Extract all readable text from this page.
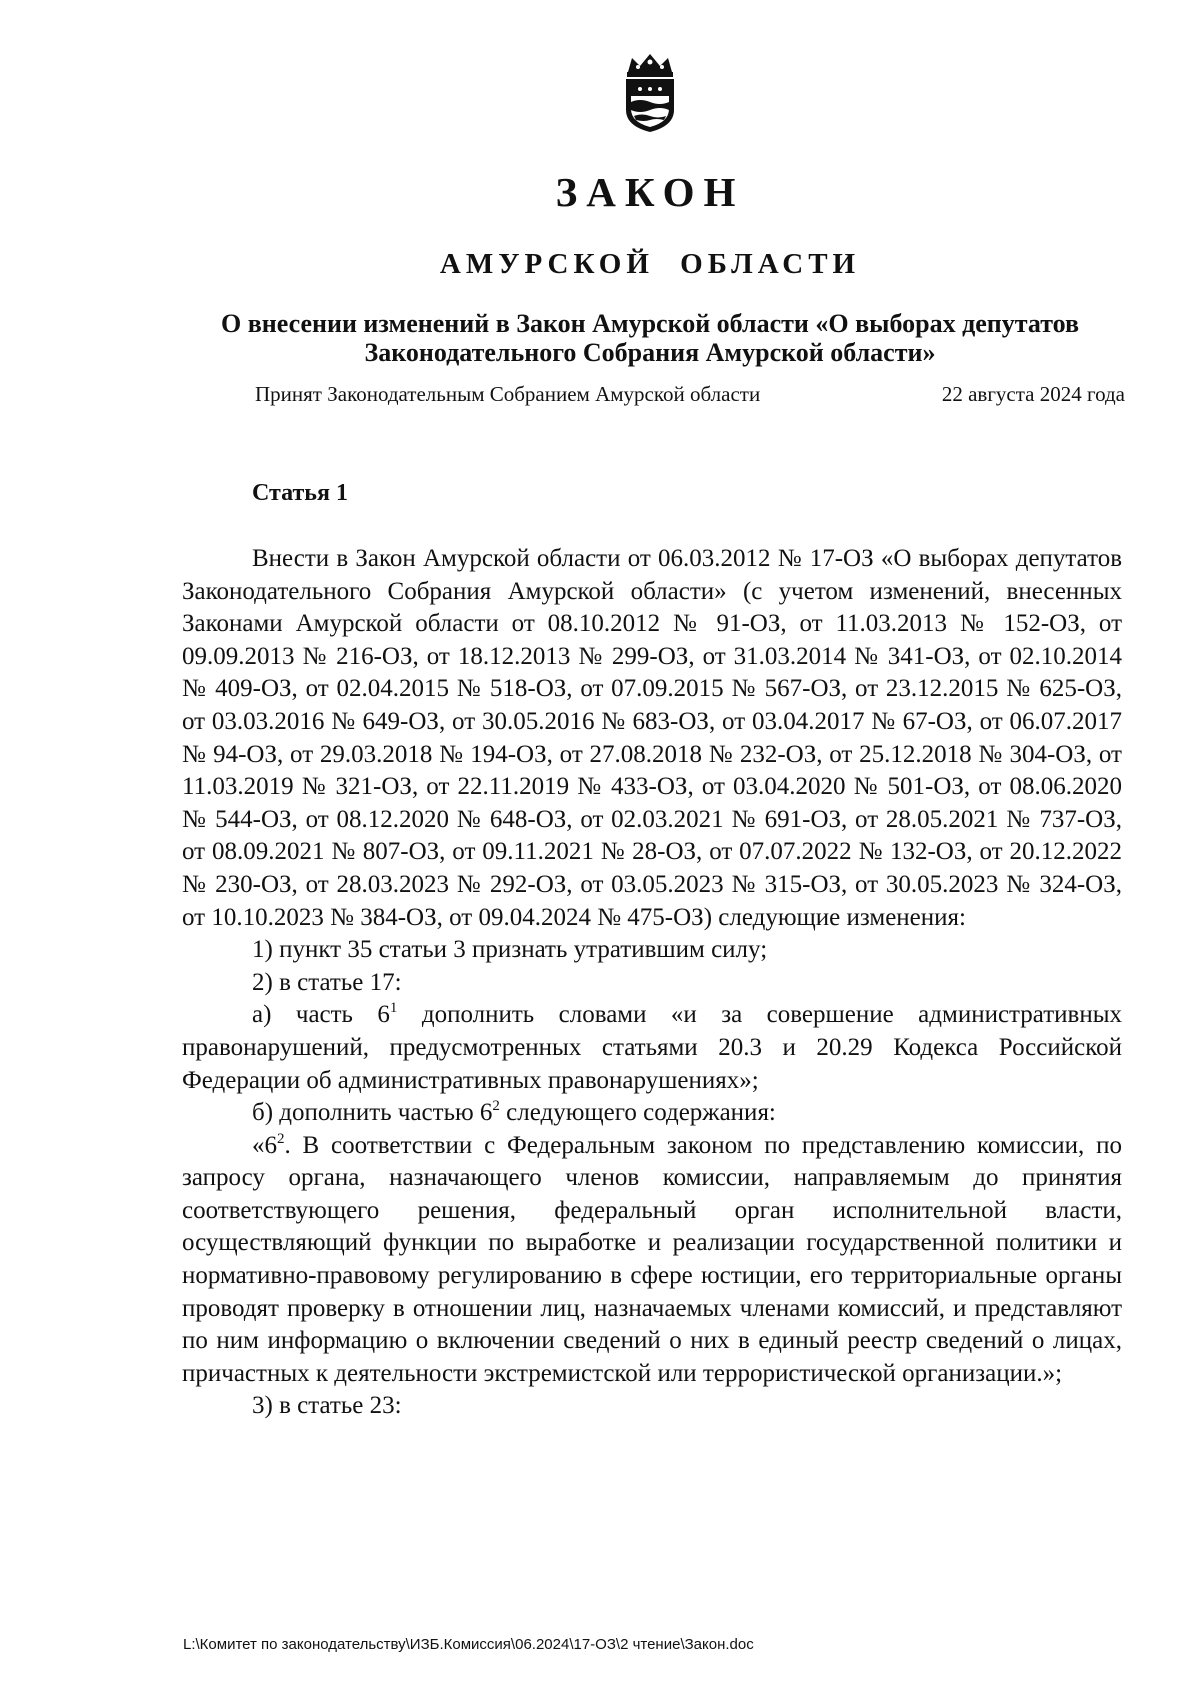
ЗАКОН
АМУРСКОЙ ОБЛАСТИ
О внесении изменений в Закон Амурской области «О выборах депутатов
Законодательного Собрания Амурской области»
Принят Законодательным Собранием Амурской области	22 августа 2024 года
Статья 1

Внести в Закон Амурской области от 06.03.2012 № 17-ОЗ «О выборах депутатов Законодательного Собрания Амурской области» (с учетом изменений, внесенных Законами Амурской области от 08.10.2012 № 91-ОЗ, от 11.03.2013 № 152-ОЗ, от 09.09.2013 № 216-ОЗ, от 18.12.2013 № 299-ОЗ, от 31.03.2014 № 341-ОЗ, от 02.10.2014 № 409-ОЗ, от 02.04.2015 № 518-ОЗ, от 07.09.2015 № 567-ОЗ, от 23.12.2015 № 625-ОЗ, от 03.03.2016 № 649-ОЗ, от 30.05.2016 № 683-ОЗ, от 03.04.2017 № 67-ОЗ, от 06.07.2017 № 94-ОЗ, от 29.03.2018 № 194-ОЗ, от 27.08.2018 № 232-ОЗ, от 25.12.2018 № 304-ОЗ, от 11.03.2019 № 321-ОЗ, от 22.11.2019 № 433-ОЗ, от 03.04.2020 № 501-ОЗ, от 08.06.2020 № 544-ОЗ, от 08.12.2020 № 648-ОЗ, от 02.03.2021 № 691-ОЗ, от 28.05.2021 № 737-ОЗ, от 08.09.2021 № 807-ОЗ, от 09.11.2021 № 28-ОЗ, от 07.07.2022 № 132-ОЗ, от 20.12.2022 № 230-ОЗ, от 28.03.2023 № 292-ОЗ, от 03.05.2023 № 315-ОЗ, от 30.05.2023 № 324-ОЗ, от 10.10.2023 № 384-ОЗ, от 09.04.2024 № 475-ОЗ) следующие изменения:

1) пункт 35 статьи 3 признать утратившим силу;

2) в статье 17:

а) часть $6^1$ дополнить словами «и за совершение административных правонарушений, предусмотренных статьями 20.3 и 20.29 Кодекса Российской Федерации об административных правонарушениях»;

б) дополнить частью $6^2$ следующего содержания:

«$6^2$. В соответствии с Федеральным законом по представлению комиссии, по запросу органа, назначающего членов комиссии, направляемым до принятия соответствующего решения, федеральный орган исполнительной власти, осуществляющий функции по выработке и реализации государственной политики и нормативно-правовому регулированию в сфере юстиции, его территориальные органы проводят проверку в отношении лиц, назначаемых членами комиссий, и представляют по ним информацию о включении сведений о них в единый реестр сведений о лицах, причастных к деятельности экстремистской или террористической организации.»;

3) в статье 23:

L:\Комитет по законодательству\ИЗБ.Комиссия\06.2024\17-ОЗ\2 чтение\Закон.doc
